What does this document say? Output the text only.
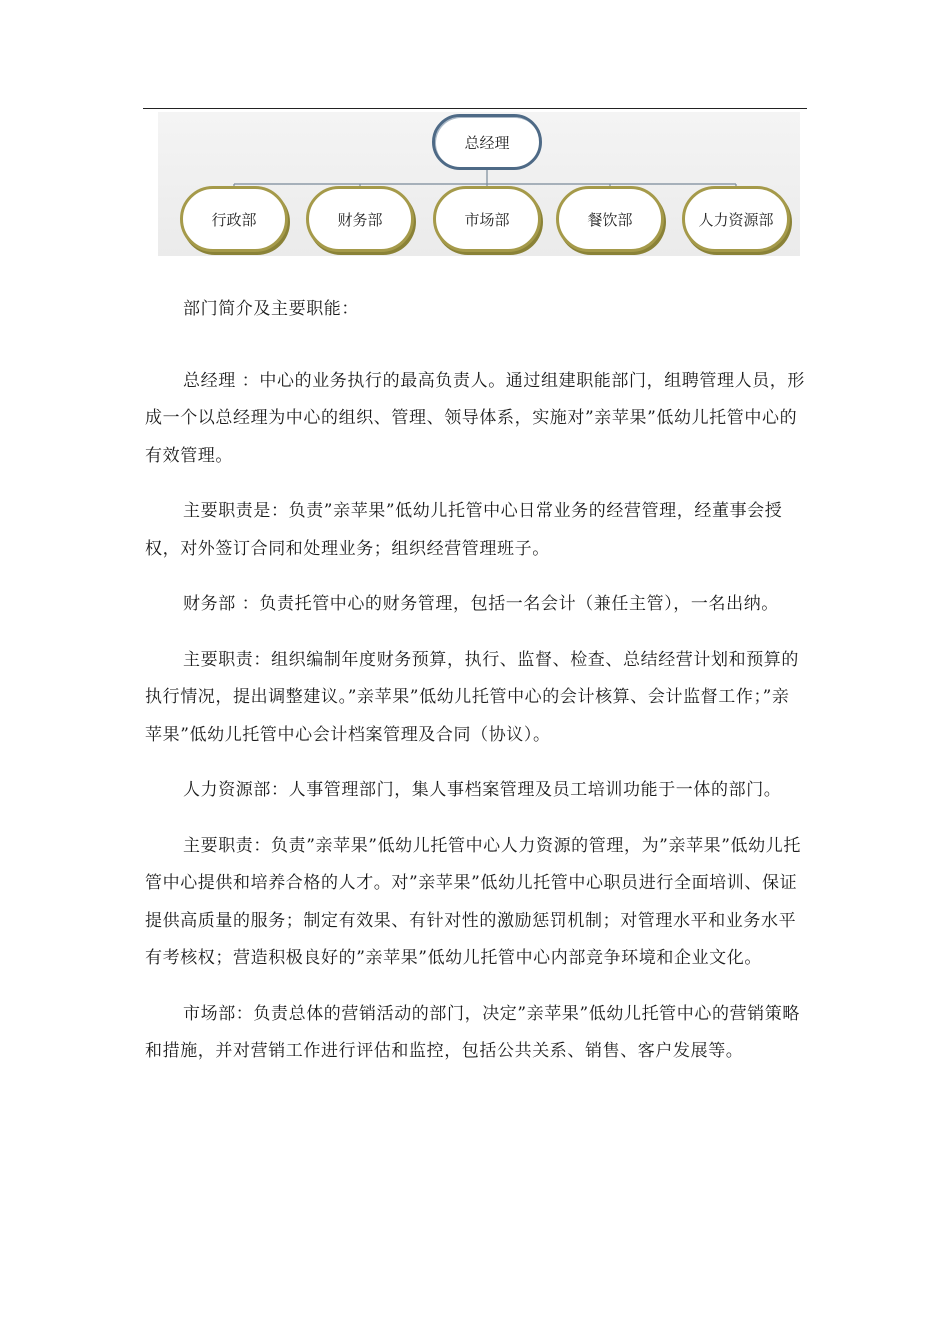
总经理
行政部	财务部	市场部	餐饮部	人力资源部

部门简介及主要职能：

总经理 ：中心的业务执行的最高负责人。通过组建职能部门，组聘管理人员，形成一个以总经理为中心的组织、管理、领导体系，实施对”亲苹果”低幼儿托管中心的有效管理。

主要职责是：负责”亲苹果”低幼儿托管中心日常业务的经营管理，经董事会授权，对外签订合同和处理业务；组织经营管理班子。

财务部 ：负责托管中心的财务管理，包括一名会计（兼任主管），一名出纳。

主要职责：组织编制年度财务预算，执行、监督、检查、总结经营计划和预算的执行情况，提出调整建议。”亲苹果”低幼儿托管中心的会计核算、会计监督工作；”亲苹果”低幼儿托管中心会计档案管理及合同（协议）。

人力资源部：人事管理部门，集人事档案管理及员工培训功能于一体的部门。

主要职责：负责”亲苹果”低幼儿托管中心人力资源的管理，为”亲苹果”低幼儿托管中心提供和培养合格的人才。对”亲苹果”低幼儿托管中心职员进行全面培训、保证提供高质量的服务；制定有效果、有针对性的激励惩罚机制；对管理水平和业务水平有考核权；营造积极良好的”亲苹果”低幼儿托管中心内部竞争环境和企业文化。

市场部：负责总体的营销活动的部门，决定”亲苹果”低幼儿托管中心的营销策略和措施，并对营销工作进行评估和监控，包括公共关系、销售、客户发展等。
